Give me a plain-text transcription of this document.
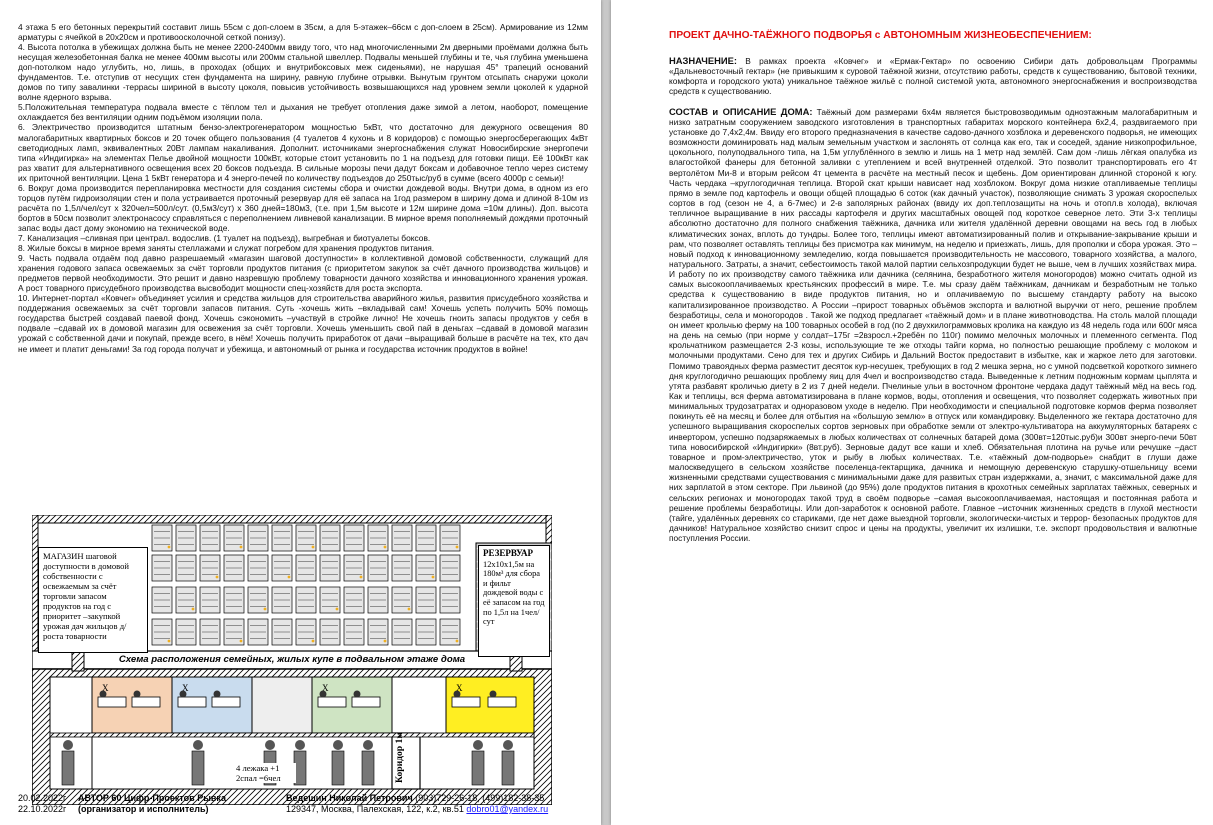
4 этажа 5 его бетонных перекрытий составит лишь 55см с доп-слоем в 35см, а для 5-этажек–66см с доп-слоем в 25см). Армирование из 12мм арматуры с ячейкой в 20х20см и противоосколочной сеткой понизу).
4. Высота потолка в убежищах должна быть не менее 2200-2400мм ввиду того, что над многочисленными 2м дверными проёмами должна быть несущая железобетонная балка не менее 400мм высоты или 200мм стальной швеллер. Подвалы меньшей глубины и те, чья глубина уменьшена доп-потолком надо углубить, но, лишь, в проходах (общих и внутрибоксовых меж сиденьями), не нарушая 45° трапеций оснований фундаментов. Т.е. отступив от несущих стен фундамента на ширину, равную глубине отрывки. Вынутым грунтом отсыпать снаружи цоколи домов по типу завалинки -террасы шириной в высоту цоколя, повысив устойчивость возвышающихся над уровнем земли цоколей к ударной волне ядерного взрыва.
5.Положительная температура подвала вместе с тёплом тел и дыхания не требует отопления даже зимой а летом, наоборот, помещение охлаждается без вентиляции одним подъёмом изоляции пола.
6. Электричество производится штатным бензо-электрогенератором мощностью 5кВт, что достаточно для дежурного освещения 80 малогабаритных квартирных боксов и 20 точек общего пользования (4 туалетов 4 кухонь и 8 коридоров) с помощью энергосберегающих 4кВт светодиодных ламп, эквивалентных 20Вт лампам накаливания. Дополнит. источниками энергоснабжения служат Новосибирские энергопечи типа «Индигирка» на элементах Пелье двойной мощности 100кВт, которые стоит установить по 1 на подъезд для готовки пищи. Её 100кВт как раз хватит для альтернативного освещения всех 20 боксов подъезда. В сильные морозы печи дадут боксам и добавочное тепло через систему их приточной вентиляции. Цена 1 5кВт генератора и 4 энерго-печей по количеству подъездов до 250тыс/руб в сумме (всего 4000р с семьи)!
6. Вокруг дома производится перепланировка местности для создания системы сбора и очистки дождевой воды. Внутри дома, в одном из его торцов путём гидроизоляции стен и пола устраивается проточный резервуар для её запаса на 1год размером в ширину дома и длиной 8-10м из расчёта по 1,5л/чел/сут х 320чел=500л/сут. (0,5м3/сут) х 360 дней=180м3, (т.е. при 1,5м высоте и 12м ширине дома =10м длины). Доп. высота бортов в 50см позволит электронасосу справляться с переполнением ливневой канализации. В мирное время пополняемый дождями проточный запас воды даст дому экономию на технической воде.
7. Канализация –сливная при централ. водослив. (1 туалет на подъезд), выгребная и биотуалеты боксов.
8. Жилые боксы в мирное время заняты стеллажами и служат погребом для хранения продуктов питания.
9. Часть подвала отдаём под давно разрешаемый «магазин шаговой доступности» в коллективной домовой собственности, служащий для хранения годового запаса освежаемых за счёт торговли продуктов питания (с приоритетом закупок за счёт дачного производства жильцов) и предметов первой необходимости. Это решит и давно назревшую проблему товарности дачного хозяйства и инновационного хранения урожая. А рост товарного присудебного производства высвободит мощности спец-хозяйств для роста экспорта.
10. Интернет-портал «Ковчег» объединяет усилия и средства жильцов для строительства аварийного жилья, развития присудебного хозяйства и поддержания освежаемых за счёт торговли запасов питания. Суть -хочешь жить –вкладывай сам! Хочешь успеть получить 50% помощь государства быстрей создавай паевой фонд. Хочешь сэкономить –участвуй в стройке лично! Не хочешь гноить запасы продуктов у себя в подвале –сдавай их в домовой магазин для освежения за счёт торговли. Хочешь уменьшить свой пай в деньгах –сдавай в домовой магазин урожай с собственной дачи и покупай, прежде всего, в нём! Хочешь получить приработок от дачи –выращивай больше в расчёте на тех, кто дач не имеет и платит деньгами! За год города получат и убежища, и автономный от рынка и государства источник продуктов в войне!
МАГАЗИН шаговой доступности в домовой собственности с освежаемым за счёт торговли запасом продуктов на год с приоритет –закупкой урожая дач жильцов д/роста товарности
РЕЗЕРВУАР
12х10х1,5м на 180м³ для сбора и фильт дождевой воды с её запасом на год по 1,5л на 1чел/сут
Схема расположения семейных, жилых купе в подвальном этаже дома
4 лежака +1
2спал =6чел	Коридор 1м
X	X	X	X
20.02.2022г
22.10.2022г
АВТОР 60 Цифр-Проектов Рывка
(организатор и исполнитель)
Ведешин Николай Петрович (903)729-26-18, (499)182-38-35
129347, Москва, Палехская, 122, к.2, кв.51 dobro01@yandex.ru
ПРОЕКТ ДАЧНО-ТАЁЖНОГО ПОДВОРЬЯ с АВТОНОМНЫМ ЖИЗНЕОБЕСПЕЧЕНИЕМ:

НАЗНАЧЕНИЕ: В рамках проекта «Ковчег» и «Ермак-Гектар» по освоению Сибири дать добровольцам Программы «Дальневосточный гектар» (не привыкшим к суровой таёжной жизни, отсутствию работы, средств к существованию, бытовой техники, комфорта и городского уюта) уникальное таёжное жильё с полной системой уюта, автономного энергоснабжения и воспроизводства средств к существованию.

СОСТАВ и ОПИСАНИЕ ДОМА: Таёжный дом размерами 6х4м является быстровозводимым одноэтажным малогабаритным и низко затратным сооружением заводского изготовления в транспортных габаритах морского контейнера 6х2,4, раздвигаемого при установке до 7,4х2,4м. Ввиду его второго предназначения в качестве садово-дачного хозблока и деревенского подворья, не имеющих возможности доминировать над малым земельным участком и заслонять от солнца как его, так и соседей, здание низкопрофильное, цокольного, полуподвального типа, на 1,5м углублённого в землю и лишь на 1 метр над землёй. Сам дом -лишь лёгкая опалубка из влагостойкой фанеры для бетонной заливки с утеплением и всей внутренней отделкой. Это позволит транспортировать его 4т вертолётом Ми-8 и вторым рейсом 4т цемента в расчёте на местный песок и щебень. Дом ориентирован длинной стороной к югу. Часть чердака –круглогодичная теплица. Второй скат крыши нависает над хозблоком. Вокруг дома низкие отапливаемые теплицы прямо в земле под картофель и овощи общей площадью 6 соток (как дачный участок), позволяющие снимать 3 урожая скороспелых сортов в год (сезон не 4, а 6-7мес) и 2-в заполярных районах (ввиду их доп.теплозащиты на ночь и отопл.в холода), включая тепличное выращивание в них рассады картофеля и других масштабных овощей под короткое северное лето. Эти 3-х теплицы абсолютно достаточно для полного снабжения таёжника, дачника или жителя удалённой деревни овощами на весь год в любых климатических зонах, вплоть до тундры. Более того, теплицы имеют автоматизированный полив и открывание-закрывание крыши и рам, что позволяет оставлять теплицы без присмотра как минимум, на неделю и приезжать, лишь, для прополки и сбора урожая. Это –новый подход к инновационному земледелию, когда повышается производительность не массового, товарного хозяйства, а малого, натурального. Затраты, а значит, себестоимость такой малой партии сельхозпродукции будет не выше, чем в лучших хозяйствах мира. И работу по их производству самого таёжника или дачника (селянина, безработного жителя моногородов) можно считать одной из самых высокооплачиваемых крестьянских профессий в мире. Т.е. мы сразу даём таёжникам, дачникам и безработным не только средства к существованию в виде продуктов питания, но и оплачиваемую по высшему стандарту работу на высоко капитализированное производство. А России –прирост товарных объёмов экспорта и валютной выручки от него, решение проблем безработицы, села и моногородов . Такой же подход предлагает «таёжный дом» и в плане животноводства. На столь малой площади он имеет крольчью ферму на 100 товарных особей в год (по 2 двухкилограммовых кролика на каждую из 48 недель года или 600г мяса на день на семью (при норме у солдат–175г =2взросл.+2ребён по 110г) помимо мелочных молочных и племенного сегмента. Под крольчатником размещается 2-3 козы, использующие те же отходы тайги корма, но полностью решающие проблему с молоком и молочными продуктами. Сено для тех и других Сибирь и Дальний Восток предоставит в избытке, как и жаркое лето для заготовки. Помимо травоядных ферма разместит десяток кур-несушек, требующих в год 2 мешка зерна, но с умной подсветкой короткого зимнего дня круглогодично решающих проблему яиц для 4чел и воспроизводство стада. Выведенные к летним подножным кормам цыплята и утята разбавят кроличью диету в 2 из 7 дней недели. Пчелиные ульи в восточном фронтоне чердака дадут таёжный мёд на весь год. Как и теплицы, вся ферма автоматизирована в плане кормов, воды, отопления и освещения, что позволяет содержать животных при минимальных трудозатратах и одноразовом уходе в неделю. При необходимости и специальной подготовке кормов ферма позволяет покинуть её на месяц и более для отбытия на «большую землю» в отпуск или командировку. Выделенного же гектара достаточно для успешного выращивания скороспелых сортов зерновых при обработке земли от электро-культиватора на аккумуляторных батареях с инвертором, успешно подзаряжаемых в любых количествах от солнечных батарей дома (300вт=120тыс.руб)и 300вт энерго-печи 50вт типа новосибирской «Индигирки» (8вт.руб). Зерновые дадут все каши и хлеб. Обязательная плотина на ручье или речушке –даст товарное и пром-электричество, уток и рыбу в любых количествах. Т.е. «таёжный дом-подворье» снабдит в глуши даже малоскведущего в сельском хозяйстве поселенца-гектарщика, дачника и немощную деревенскую старушку-отшельницу всеми жизненными средствами существования с минимальными даже для развитых стран издержками, а, значит, с максимальной даже для них зарплатой в этом секторе. При львиной (до 95%) доле продуктов питания в крохотных семейных зарплатах таёжных, северных и сельских регионах и моногородах такой труд в своём подворье –самая высокооплачиваемая, настоящая и постоянная работа и решение проблемы безработицы. Или доп-заработок к основной работе. Главное –источник жизненных средств в глухой местности (тайге, удалённых деревнях со стариками, где нет даже выездной торговли, экологически-чистых и террор- безопасных продуктов для дачников! Натуральное хозяйство снизит спрос и цены на продукты, увеличит их излишки, т.е. экспорт продовольствия и валютные поступления России.
